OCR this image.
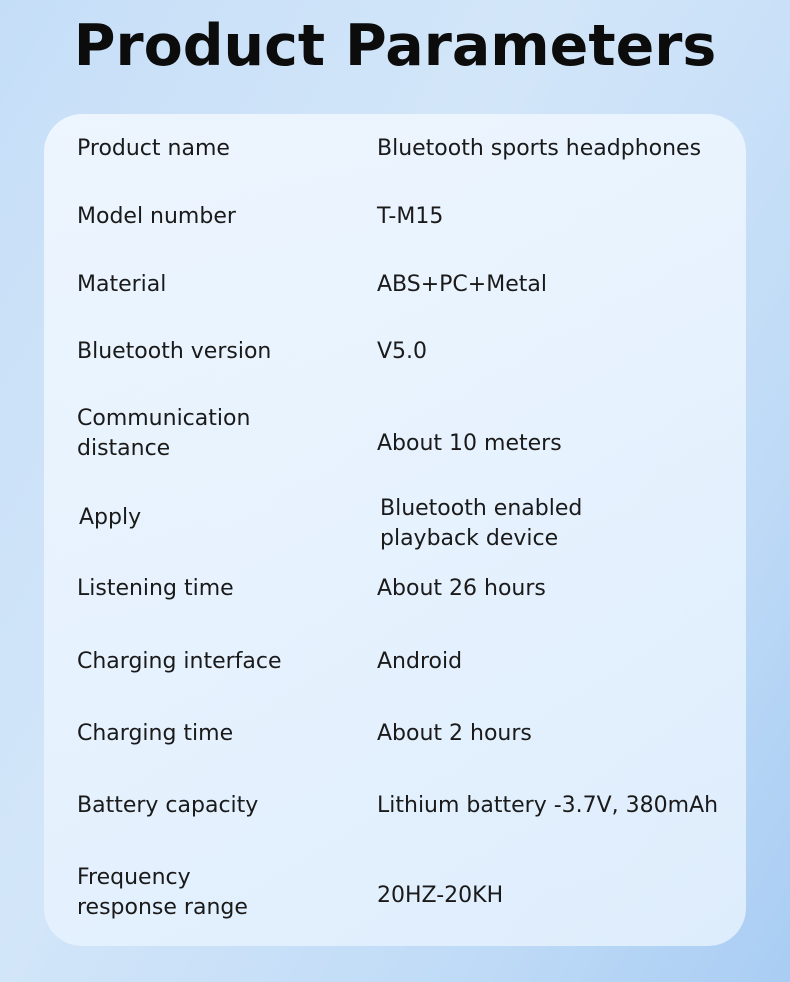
Product Parameters
Product name	Bluetooth sports headphones
Model number	T-M15
Material	ABS+PC+Metal
Bluetooth version	V5.0
Communication
distance	About 10 meters
Apply	Bluetooth enabled
playback device
Listening time	About 26 hours
Charging interface	Android
Charging time	About 2 hours
Battery capacity	Lithium battery -3.7V, 380mAh
Frequency
response range	20HZ-20KH
